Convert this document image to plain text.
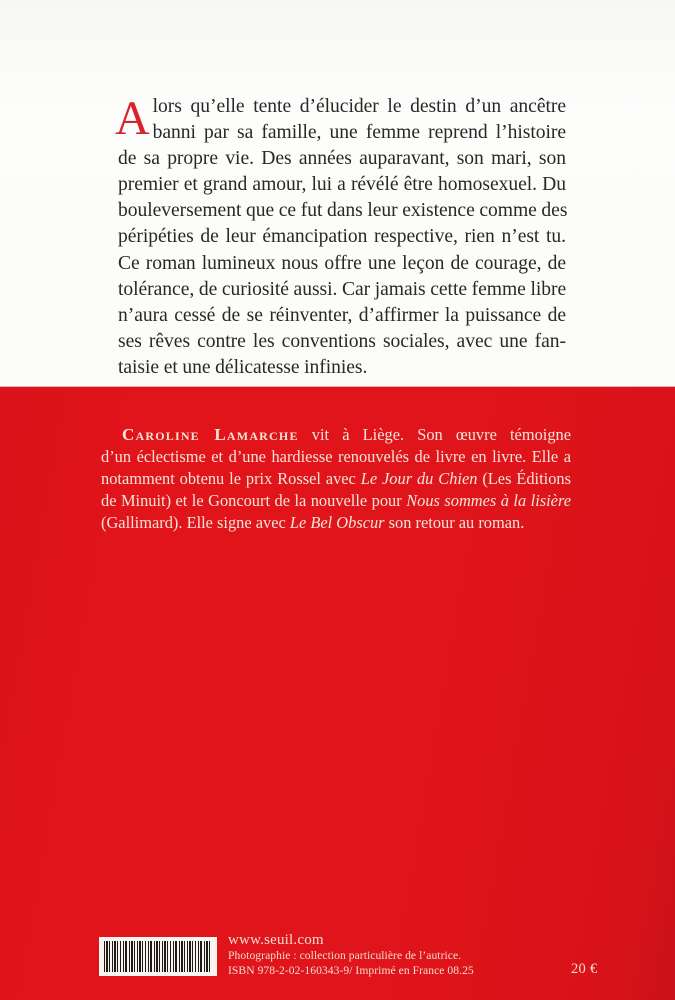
A lors qu’elle tente d’élucider le destin d’un ancêtre
banni par sa famille, une femme reprend l’histoire
de sa propre vie. Des années auparavant, son mari, son
premier et grand amour, lui a révélé être homosexuel. Du
bouleversement que ce fut dans leur existence comme des
péripéties de leur émancipation respective, rien n’est tu.
Ce roman lumineux nous offre une leçon de courage, de
tolérance, de curiosité aussi. Car jamais cette femme libre
n’aura cessé de se réinventer, d’affirmer la puissance de
ses rêves contre les conventions sociales, avec une fan-
taisie et une délicatesse infinies.
Caroline Lamarche vit à Liège. Son œuvre témoigne
d’un éclectisme et d’une hardiesse renouvelés de livre en livre. Elle a
notamment obtenu le prix Rossel avec Le Jour du Chien (Les Éditions
de Minuit) et le Goncourt de la nouvelle pour Nous sommes à la lisière
(Gallimard). Elle signe avec Le Bel Obscur son retour au roman.
www.seuil.com
Photographie : collection particulière de l’autrice.
ISBN 978-2-02-160343-9/ Imprimé en France 08.25	20 €
